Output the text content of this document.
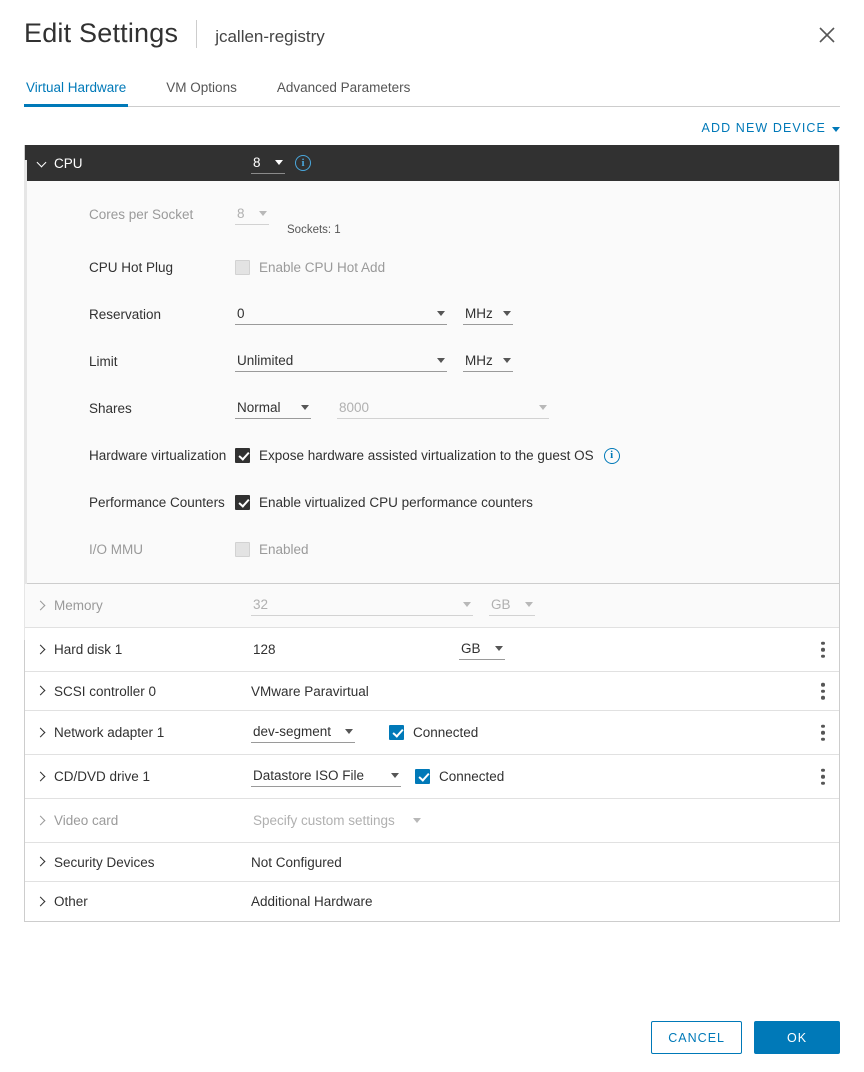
Edit Settings jcallen-registry
Virtual Hardware	VM Options	Advanced Parameters
ADD NEW DEVICE
CPU	8	i
Cores per Socket	8
Sockets: 1
CPU Hot Plug	Enable CPU Hot Add
Reservation	0	MHz
Limit	Unlimited	MHz
Shares	Normal	8000
Hardware virtualization	Expose hardware assisted virtualization to the guest OS	i
Performance Counters	Enable virtualized CPU performance counters
I/O MMU	Enabled
Memory	32	GB
Hard disk 1	128	GB
SCSI controller 0	VMware Paravirtual
Network adapter 1	dev-segment	Connected
CD/DVD drive 1	Datastore ISO File	Connected
Video card	Specify custom settings
Security Devices	Not Configured
Other	Additional Hardware
CANCEL	OK
